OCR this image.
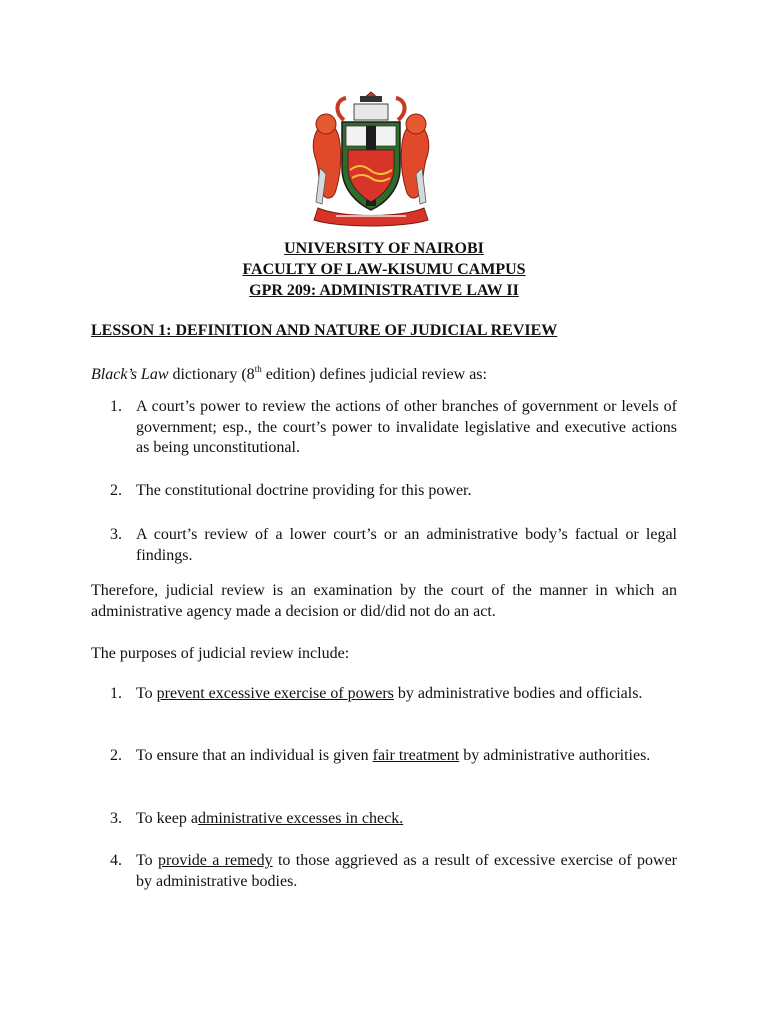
UNIVERSITY OF NAIROBI
FACULTY OF LAW-KISUMU CAMPUS
GPR 209: ADMINISTRATIVE LAW II
LESSON 1: DEFINITION AND NATURE OF JUDICIAL REVIEW
Black’s Law dictionary (8th edition) defines judicial review as:
1. A court’s power to review the actions of other branches of government or levels of government; esp., the court’s power to invalidate legislative and executive actions as being unconstitutional.
2. The constitutional doctrine providing for this power.
3. A court’s review of a lower court’s or an administrative body’s factual or legal findings.
Therefore, judicial review is an examination by the court of the manner in which an administrative agency made a decision or did/did not do an act.
The purposes of judicial review include:
1. To prevent excessive exercise of powers by administrative bodies and officials.
2. To ensure that an individual is given fair treatment by administrative authorities.
3. To keep administrative excesses in check.
4. To provide a remedy to those aggrieved as a result of excessive exercise of power by administrative bodies.
